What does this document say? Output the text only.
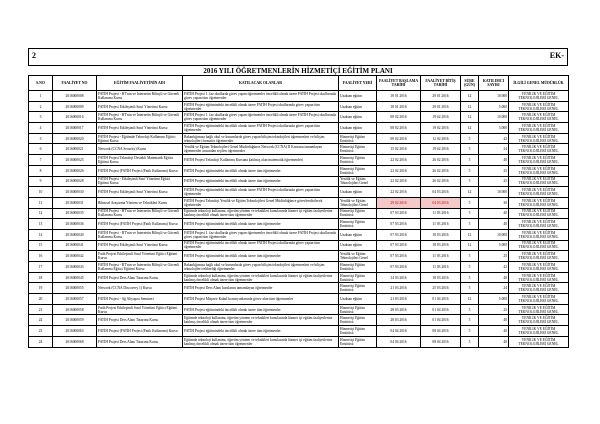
2	EK-
2016 YILI ÖĞRETMENLERİN HİZMETİÇİ EĞİTİM PLANI
S.NO	FAALİYET NO	EĞİTİM FAALİYETİNİN ADI	KATILACAK OLANLAR	FAALİYET YERİ	FAALİYET BAŞLAMA TARİHİ	FAALİYET BİTİŞ TARİHİ	SÜRE (GÜN)	KATILIMCI SAYISI	İLGİLİ GENEL MÜDÜRLÜK
1	2016000008	FATİH Projesi - BT'nin ve İnternetin Bilinçli ve Güvenli Kullanımı Kursu	FATİH Projesi 1. faz okullarda görev yapan öğretmenler öncelikli olmak üzere FATİH Projesi okullarında görev yapan tüm öğretmenler	Uzaktan eğitim	18 01 2016	29 01 2016	12	10.000	YENİLİK VE EĞİTİM TEKNOLOJİLERİ GENEL
2	2016000009	FATİH Projesi Etkileşimli Sınıf Yönetimi Kursu	FATİH Projesi eğitimindeki öncelikli olmak üzere FATİH Projesi okullarında görev yapan tüm öğretmenler	Uzaktan eğitim	18 01 2016	29 01 2016	12	5.000	YENİLİK VE EĞİTİM TEKNOLOJİLERİ GENEL
3	2016000016	FATİH Projesi - BT'nin ve İnternetin Bilinçli ve Güvenli Kullanımı Kursu	FATİH Projesi 1. faz okullarda görev yapan öğretmenler öncelikli olmak üzere FATİH Projesi okullarında görev yapan tüm öğretmenler	Uzaktan eğitim	08 02 2016	19 02 2016	12	10.000	YENİLİK VE EĞİTİM TEKNOLOJİLERİ GENEL
4	2016000017	FATİH Projesi Etkileşimli Sınıf Yönetimi Kursu	FATİH Projesi eğitimindeki öncelikli olmak üzere FATİH Projesi okullarında görev yapan tüm öğretmenler	Uzaktan eğitim	08 02 2016	19 02 2016	12	5.000	YENİLİK VE EĞİTİM TEKNOLOJİLERİ GENEL
5	2016000020	FATİH Projesi - Eğitimde Teknoloji Kullanımı Eğitici Eğitimi Kursu	Bakanlığımıza bağlı okul ve kurumlarda görev yapan bilişim teknolojileri öğretmenleri ve bilişim teknolojileri formatör öğretmenler	Hizmetiçi Eğitim Enstitüsü	08 02 2016	12 02 2016	5	42	YENİLİK VE EĞİTİM TEKNOLOJİLERİ GENEL
6	2016000021	Network (CCNA Security) Kursu	Yenilik ve Eğitim Teknolojileri Genel Müdürlüğünce Network (CCNA) II Kursunu tamamlayan öğretmenler arasından seçilen öğretmenler	Hizmetiçi Eğitim Enstitüsü	15 02 2016	19 02 2016	5	24	YENİLİK VE EĞİTİM TEKNOLOJİLERİ GENEL
7	2016000025	FATİH Projesi Teknoloji Destekli Matematik Eğitici Eğitimi Kursu	FATİH Projesi Teknoloji Kullanımı Kursuna katılmış olan matematik öğretmenleri	Hizmetiçi Eğitim Enstitüsü	22 02 2016	26 02 2016	5	40	YENİLİK VE EĞİTİM TEKNOLOJİLERİ GENEL
8	2016000026	FATİH Projesi (FATİH Projesi (Fatih Kullanımı) Kursu	FATİH Projesi eğitimindeki öncelikli olmak üzere tüm öğretmenler	Hizmetiçi Eğitim Enstitüsü	22 02 2016	26 02 2016	5	25	YENİLİK VE EĞİTİM TEKNOLOJİLERİ GENEL
9	2016000028	FATİH Projesi - Etkileşimli Sınıf Yönetimi Eğitici Eğitimi Kursu	FATİH Projesi eğitimindeki öncelikli olmak üzere tüm öğretmenler	Yenilik ve Eğitim Teknolojileri Genel	22 02 2016	26 02 2016	5	25	YENİLİK VE EĞİTİM TEKNOLOJİLERİ GENEL
10	2016000030	FATİH Projesi Etkileşimli Sınıf Yönetimi Kursu	FATİH Projesi eğitimindeki öncelikli olmak üzere FATİH Projesi okullarında görev yapan tüm öğretmenler	Uzaktan eğitim	22 02 2016	04 03 2016	12	10.000	YENİLİK VE EĞİTİM TEKNOLOJİLERİ GENEL
11	2016000031	Bilimsel Araştırma Yöntem ve Teknikleri Kursu	FATİH Projesi Teknoloji Yenilik ve Eğitim Teknolojileri Genel Müdürlüğünce görevlendirilecek öğretmenler	Yenilik ve Eğitim Teknolojileri Genel	29 02 2016	04 03 2016	5	30	YENİLİK VE EĞİTİM TEKNOLOJİLERİ GENEL
12	2016000035	FATİH Projesi - BT'nin ve İnternetin Bilinçli ve Güvenli Kullanımı Kursu	Eğitimde teknoloji kullanımı, öğretim yöntem ve teknikleri konularında hizmet içi eğitim faaliyetlerine katılmış öncelikli olmak üzere tüm öğretmenler	Hizmetiçi Eğitim Enstitüsü	07 03 2016	11 03 2016	5	40	YENİLİK VE EĞİTİM TEKNOLOJİLERİ GENEL
13	2016000036	FATİH Projesi (FATİH Projesi (Fatih Kullanımı) Kursu	FATİH Projesi eğitimindeki öncelikli olmak üzere tüm öğretmenler	Hizmetiçi Eğitim Enstitüsü	07 03 2016	11 03 2016	5	40	YENİLİK VE EĞİTİM TEKNOLOJİLERİ GENEL
14	2016000040	FATİH Projesi - BT'nin ve İnternetin Bilinçli ve Güvenli Kullanımı Kursu	FATİH Projesi 1. faz okullarda görev yapan öğretmenler öncelikli olmak üzere FATİH Projesi okullarında görev yapan tüm öğretmenler	Uzaktan eğitim	07 03 2016	18 03 2016	12	10.000	YENİLİK VE EĞİTİM TEKNOLOJİLERİ GENEL
15	2016000041	FATİH Projesi Etkileşimli Sınıf Yönetimi Kursu	FATİH Projesi eğitimindeki öncelikli olmak üzere FATİH Projesi okullarında görev yapan tüm öğretmenler	Uzaktan eğitim	07 03 2016	18 03 2016	12	5.000	YENİLİK VE EĞİTİM TEKNOLOJİLERİ GENEL
16	2016000042	Fatih Projesi Etkileşimli Sınıf Yönetimi Eğitici Eğitimi Kursu	FATİH Projesi eğitimindeki öncelikli olmak üzere tüm öğretmenler	Yenilik ve Eğitim Teknolojileri Genel	07 03 2016	11 03 2016	5	25	YENİLİK VE EĞİTİM TEKNOLOJİLERİ GENEL
17	2016000043	FATİH Projesi - BT'nin ve İnternetin Bilinçli ve Güvenli Kullanımı Eğitici Eğitimi Kursu	Bakanlığımıza bağlı okul ve kurumlarda görev yapan bilişim teknolojileri öğretmenleri ve bilişim teknolojileri rehberliği öğretmenler	Hizmetiçi Eğitim Enstitüsü	07 03 2016	11 03 2016	5	42	YENİLİK VE EĞİTİM TEKNOLOJİLERİ GENEL
18	2016000045	FATİH Projesi Ders Alanı Tasarımı Kursu	Eğitimde teknoloji kullanımı, öğretim yöntem ve teknikleri konularında hizmet içi eğitim faaliyetlerine katılmış öncelikli olmak üzere tüm öğretmenler	Hizmetiçi Eğitim Enstitüsü	14 03 2016	18 03 2016	5	40	YENİLİK VE EĞİTİM TEKNOLOJİLERİ GENEL
19	2016000055	Network (CCNA Discovery 1) Kursu	FATİH Projesi Ders Alanı kurslarını tamamlayan öğretmenler	Hizmetiçi Eğitim Enstitüsü	21 03 2016	25 03 2016	5	24	YENİLİK VE EĞİTİM TEKNOLOJİLERİ GENEL
20	2016000057	FATİH Projesi - Ağ Altyapısı Semineri	FATİH Projesi Müşavir Kabul komisyonlarında görev alan tüm öğretmenler	Uzaktan eğitim	21 03 2016	01 04 2016	12	5.000	YENİLİK VE EĞİTİM TEKNOLOJİLERİ GENEL
21	2016000058	Fatih Projesi Etkileşimli Sınıf Yönetimi Eğitici Eğitimi Kursu	FATİH Projesi eğitimindeki öncelikli olmak üzere tüm öğretmenler	Hizmetiçi Eğitim Enstitüsü	28 03 2016	01 04 2016	5	25	YENİLİK VE EĞİTİM TEKNOLOJİLERİ GENEL
22	2016000059	FATİH Projesi Ders Alanı Tasarımı Kursu	Eğitimde teknoloji kullanımı, öğretim yöntem ve teknikleri konularında hizmet içi eğitim faaliyetlerine katılmış öncelikli olmak üzere tüm öğretmenler	Hizmetiçi Eğitim Enstitüsü	28 03 2016	01 04 2016	5	40	YENİLİK VE EĞİTİM TEKNOLOJİLERİ GENEL
23	2016000063	FATİH Projesi (FATİH Projesi (Fatih Kullanımı) Kursu	FATİH Projesi eğitimindeki öncelikli olmak üzere tüm öğretmenler	Hizmetiçi Eğitim Enstitüsü	04 04 2016	08 04 2016	5	40	YENİLİK VE EĞİTİM TEKNOLOJİLERİ GENEL
24	2016000068	FATİH Projesi Ders Alanı Tasarımı Kursu	Eğitimde teknoloji kullanımı, öğretim yöntem ve teknikleri konularında hizmet içi eğitim faaliyetlerine katılmış öncelikli olmak üzere tüm öğretmenler	Hizmetiçi Eğitim Enstitüsü	04 04 2016	08 04 2016	5	40	YENİLİK VE EĞİTİM TEKNOLOJİLERİ GENEL
